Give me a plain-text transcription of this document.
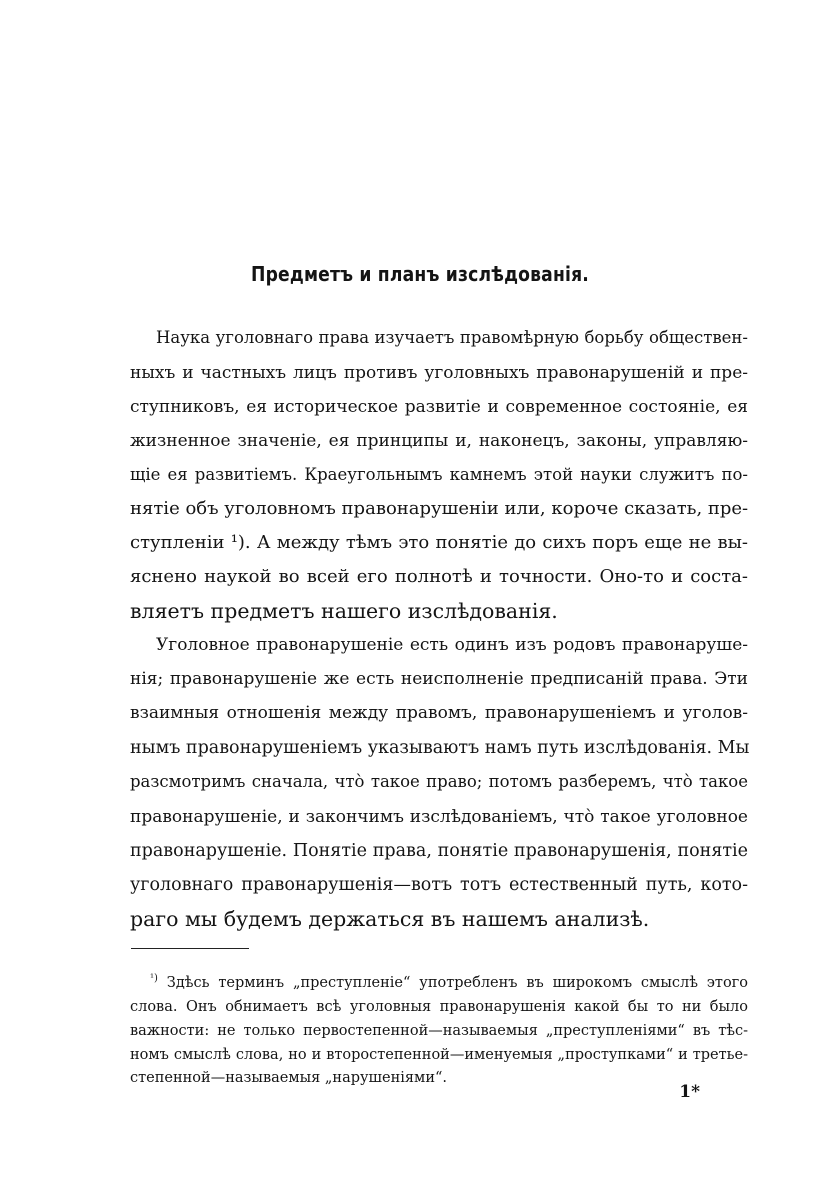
Предметъ и планъ изслѣдованія.
Наука уголовнаго права изучаетъ правомѣрную борьбу обществен-
ныхъ и частныхъ лицъ противъ уголовныхъ правонарушеній и пре-
ступниковъ, ея историческое развитіе и современное состояніе, ея
жизненное значеніе, ея принципы и, наконецъ, законы, управляю-
щіе ея развитіемъ. Краеугольнымъ камнемъ этой науки служитъ по-
нятіе объ уголовномъ правонарушеніи или, короче сказать, пре-
ступленіи ¹). А между тѣмъ это понятіе до сихъ поръ еще не вы-
яснено наукой во всей его полнотѣ и точности. Оно-то и соста-
вляетъ предметъ нашего изслѣдованія.
Уголовное правонарушеніе есть одинъ изъ родовъ правонаруше-
нія; правонарушеніе же есть неисполненіе предписаній права. Эти
взаимныя отношенія между правомъ, правонарушеніемъ и уголов-
нымъ правонарушеніемъ указываютъ намъ путь изслѣдованія. Мы
разсмотримъ сначала, что̀ такое право; потомъ разберемъ, что̀ такое
правонарушеніе, и закончимъ изслѣдованіемъ, что̀ такое уголовное
правонарушеніе. Понятіе права, понятіе правонарушенія, понятіе
уголовнаго правонарушенія—вотъ тотъ естественный путь, кото-
раго мы будемъ держаться въ нашемъ анализѣ.
$^{^1)}$ Здѣсь терминъ „преступленіе“ употребленъ въ широкомъ смыслѣ этого
слова. Онъ обнимаетъ всѣ уголовныя правонарушенія какой бы то ни было
важности: не только первостепенной—называемыя „преступленіями“ въ тѣс-
номъ смыслѣ слова, но и второстепенной—именуемыя „проступками“ и третье-
степенной—называемыя „нарушеніями“.
1*
